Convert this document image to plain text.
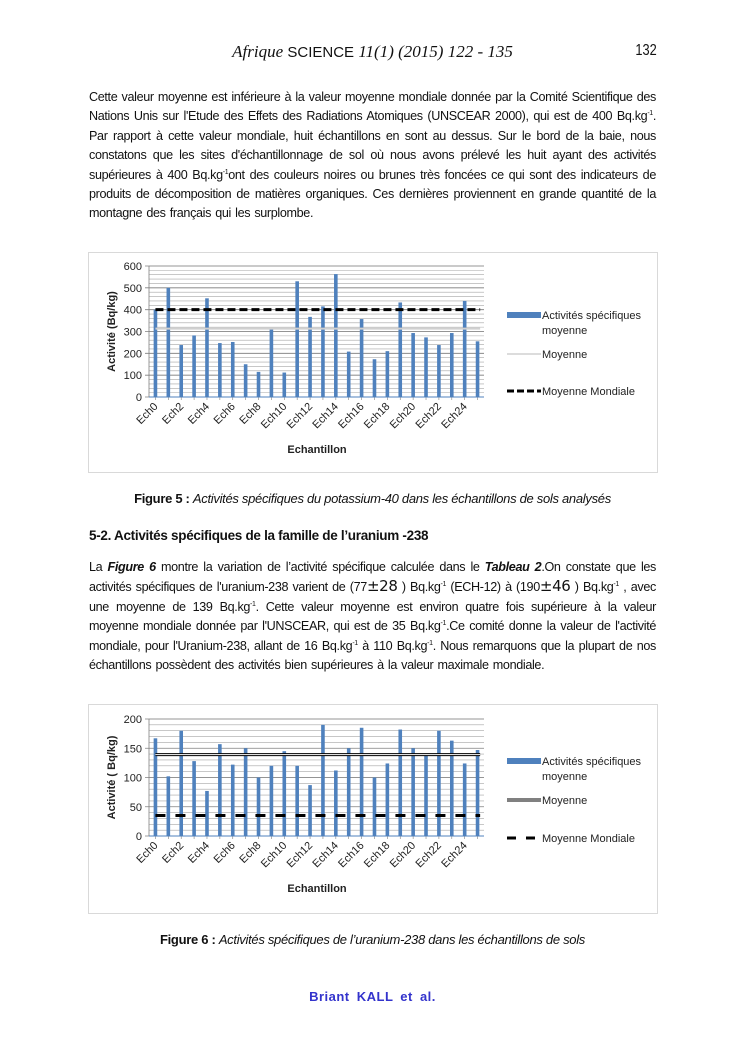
Afrique SCIENCE 11(1) (2015) 122 - 135	132
Cette valeur moyenne est inférieure à la valeur moyenne mondiale donnée par la Comité Scientifique des Nations Unis sur l'Etude des Effets des Radiations Atomiques (UNSCEAR 2000), qui est de 400 $Bq.kg^{-1}$. Par rapport à cette valeur mondiale, huit échantillons en sont au dessus. Sur le bord de la baie, nous constatons que les sites d'échantillonnage de sol où nous avons prélevé les huit ayant des activités supérieures à 400 $Bq.kg^{-1}ont$ des couleurs noires ou brunes très foncées ce qui sont des indicateurs de produits de décomposition de matières organiques. Ces dernières proviennent en grande quantité de la montagne des français qui les surplombe.
0
100
200
300
400
500
600
Ech0 Ech2 Ech4 Ech6 Ech8
Ech10
Ech12
Ech14
Ech16
Ech18
Ech20
Ech22
Ech24
Echantillon
Activité (Bq/kg)	Activités spécifiques
moyenne
Moyenne
Moyenne Mondiale
Figure 5 : Activités spécifiques du potassium-40 dans les échantillons de sols analysés
5-2. Activités spécifiques de la famille de l’uranium -238
La Figure 6 montre la variation de l’activité spécifique calculée dans le Tableau 2.On constate que les activités spécifiques de l'uranium-238 varient de (77±28 ) $Bq.kg^{-1}$ (ECH-12) à (190±46 ) $Bq.kg^{-1}$ , avec une moyenne de 139 $Bq.kg^{-1}$. Cette valeur moyenne est environ quatre fois supérieure à la valeur moyenne mondiale donnée par l'UNSCEAR, qui est de 35 $Bq.kg^{-1}.Ce$ comité donne la valeur de l'activité mondiale, pour l'Uranium-238, allant de 16 $Bq.kg^{-1}$ à 110 $Bq.kg^{-1}$. Nous remarquons que la plupart de nos échantillons possèdent des activités bien supérieures à la valeur maximale mondiale.
0
50
100
150
200
Ech0 Ech2 Ech4 Ech6 Ech8
Ech10
Ech12
Ech14
Ech16
Ech18
Ech20
Ech22
Ech24
Echantillon
Activité ( Bq/kg)	Activités spécifiques
moyenne
Moyenne
Moyenne Mondiale
Figure 6 : Activités spécifiques de l’uranium-238 dans les échantillons de sols
Briant KALL et al.
